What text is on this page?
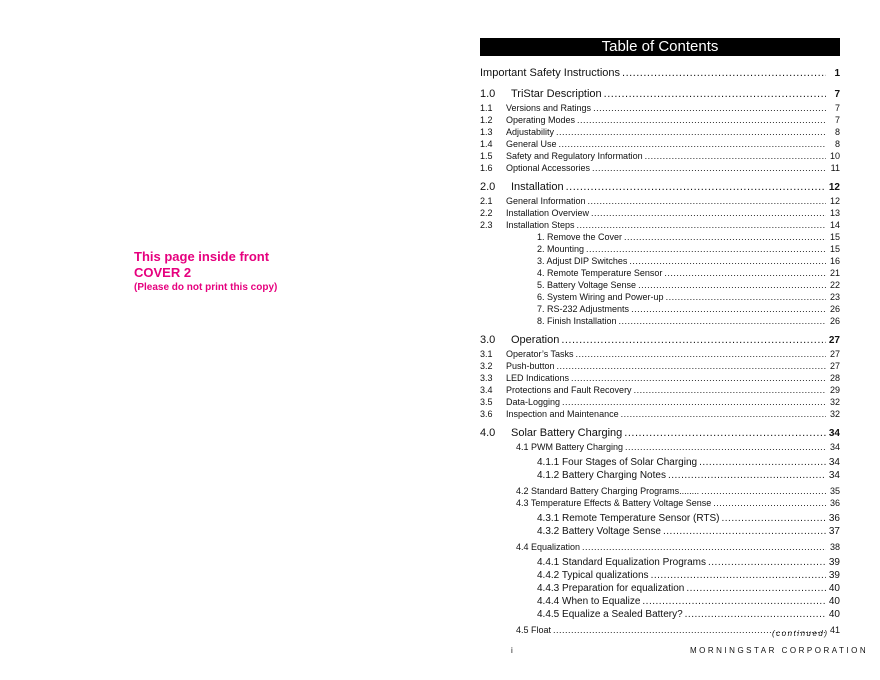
This page inside front
COVER 2
(Please do not print this copy)
Table of Contents
Important Safety Instructions .....	1
1.0	TriStar Description .....	7
1.1	Versions and Ratings .....	7
1.2	Operating Modes .....	7
1.3	Adjustability .....	8
1.4	General Use .....	8
1.5	Safety and Regulatory Information .....	10
1.6	Optional Accessories .....	11
2.0	Installation .....	12
2.1	General Information .....	12
2.2	Installation Overview .....	13
2.3	Installation Steps .....	14
1. Remove the Cover .....	15
2. Mounting .....	15
3. Adjust DIP Switches .....	16
4. Remote Temperature Sensor .....	21
5. Battery Voltage Sense .....	22
6. System Wiring and Power-up .....	23
7. RS-232 Adjustments .....	26
8. Finish Installation .....	26
3.0	Operation .....	27
3.1	Operator’s Tasks .....	27
3.2	Push-button .....	27
3.3	LED Indications .....	28
3.4	Protections and Fault Recovery .....	29
3.5	Data-Logging .....	32
3.6	Inspection and Maintenance .....	32
4.0	Solar Battery Charging .....	34
4.1 PWM Battery Charging .....	34
4.1.1 Four Stages of Solar Charging .....	34
4.1.2 Battery Charging Notes .....	34
4.2 Standard Battery Charging Programs........ .....	35
4.3 Temperature Effects & Battery Voltage Sense .....	36
4.3.1 Remote Temperature Sensor (RTS) .....	36
4.3.2 Battery Voltage Sense .....	37
4.4 Equalization .....	38
4.4.1 Standard Equalization Programs .....	39
4.4.2 Typical qualizations .....	39
4.4.3 Preparation for equalization .....	40
4.4.4 When to Equalize .....	40
4.4.5 Equalize a Sealed Battery? .....	40
4.5 Float .....	41
(continued)
i	MORNINGSTAR CORPORATION
